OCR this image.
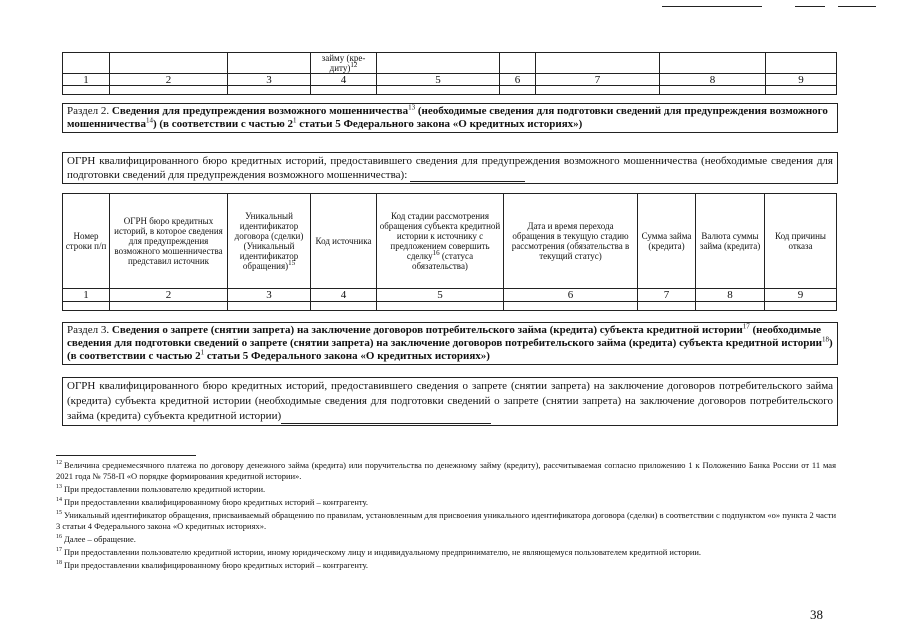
			займу (кре-диту)$^{12}$					
1	2	3	4	5	6	7	8	9

Раздел 2. Сведения для предупреждения возможного мошенничества$^{13}$ (необходимые сведения для подготовки сведений для предупреждения возможного мошенничества$^{14}$) (в соответствии с частью $2^1$ статьи 5 Федерального закона «О кредитных историях»)
ОГРН квалифицированного бюро кредитных историй, предоставившего сведения для предупреждения возможного мошенничества (необходимые сведения для подготовки сведений для предупреждения возможного мошенничества):
Номер строки п/п	ОГРН бюро кредитных историй, в которое сведения для предупреждения возможного мошенничества представил источник	Уникальный идентификатор договора (сделки) (Уникальный идентификатор обращения)$^{15}$	Код источника	Код стадии рассмотрения обращения субъекта кредитной истории к источнику с предложением совершить сделку$^{16}$ (статуса обязательства)	Дата и время перехода обращения в текущую стадию рассмотрения (обязательства в текущий статус)	Сумма займа (кредита)	Валюта суммы займа (кредита)	Код причины отказа
1	2	3	4	5	6	7	8	9

Раздел 3. Сведения о запрете (снятии запрета) на заключение договоров потребительского займа (кредита) субъекта кредитной истории$^{17}$ (необходимые сведения для подготовки сведений о запрете (снятии запрета) на заключение договоров потребительского займа (кредита) субъекта кредитной истории$^{18}$) (в соответствии с частью $2^1$ статьи 5 Федерального закона «О кредитных историях»)
ОГРН квалифицированного бюро кредитных историй, предоставившего сведения о запрете (снятии запрета) на заключение договоров потребительского займа (кредита) субъекта кредитной истории (необходимые сведения для подготовки сведений о запрете (снятии запрета) на заключение договоров потребительского займа (кредита) субъекта кредитной истории)

$^{12}$ Величина среднемесячного платежа по договору денежного займа (кредита) или поручительства по денежному займу (кредиту), рассчитываемая согласно приложению 1 к Положению Банка России от 11 мая 2021 года № 758-П «О порядке формирования кредитной истории».

$^{13}$ При предоставлении пользователю кредитной истории.

$^{14}$ При предоставлении квалифицированному бюро кредитных историй – контрагенту.

$^{15}$ Уникальный идентификатор обращения, присваиваемый обращению по правилам, установленным для присвоения уникального идентификатора договора (сделки) в соответствии с подпунктом «о» пункта 2 части 3 статьи 4 Федерального закона «О кредитных историях».

$^{16}$ Далее – обращение.

$^{17}$ При предоставлении пользователю кредитной истории, иному юридическому лицу и индивидуальному предпринимателю, не являющемуся пользователем кредитной истории.

$^{18}$ При предоставлении квалифицированному бюро кредитных историй – контрагенту.

38
